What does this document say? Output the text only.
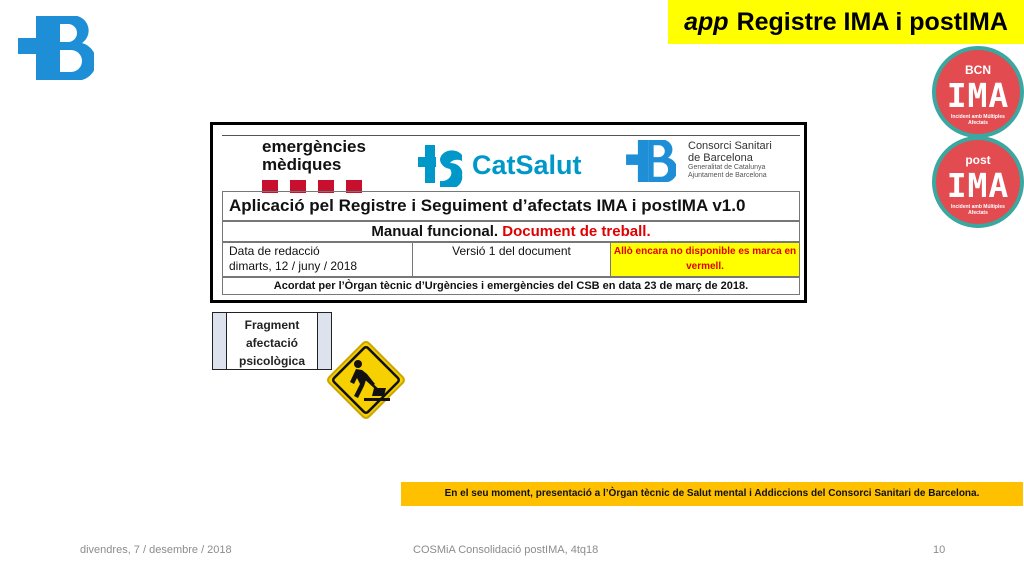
app Registre IMA i postIMA
BCN
IMA
Incident amb Múltiples Afectats
post
IMA
Incident amb Múltiples Afectats
emergències
mèdiques	CatSalut
Consorci Sanitari
de Barcelona
Generalitat de Catalunya
Ajuntament de Barcelona
Aplicació pel Registre i Seguiment d’afectats IMA i postIMA v1.0
Manual funcional. Document de treball.
Data de redacció
dimarts, 12 / juny / 2018
Versió 1 del document	Allò encara no disponible es marca en vermell.
Acordat per l’Òrgan tècnic d’Urgències i emergències del CSB en data 23 de març de 2018.
Fragment afectació psicològica
En el seu moment, presentació a l’Òrgan tècnic de Salut mental i Addiccions del Consorci Sanitari de Barcelona.
divendres, 7 / desembre / 2018	COSMiA Consolidació postIMA, 4tq18	10
